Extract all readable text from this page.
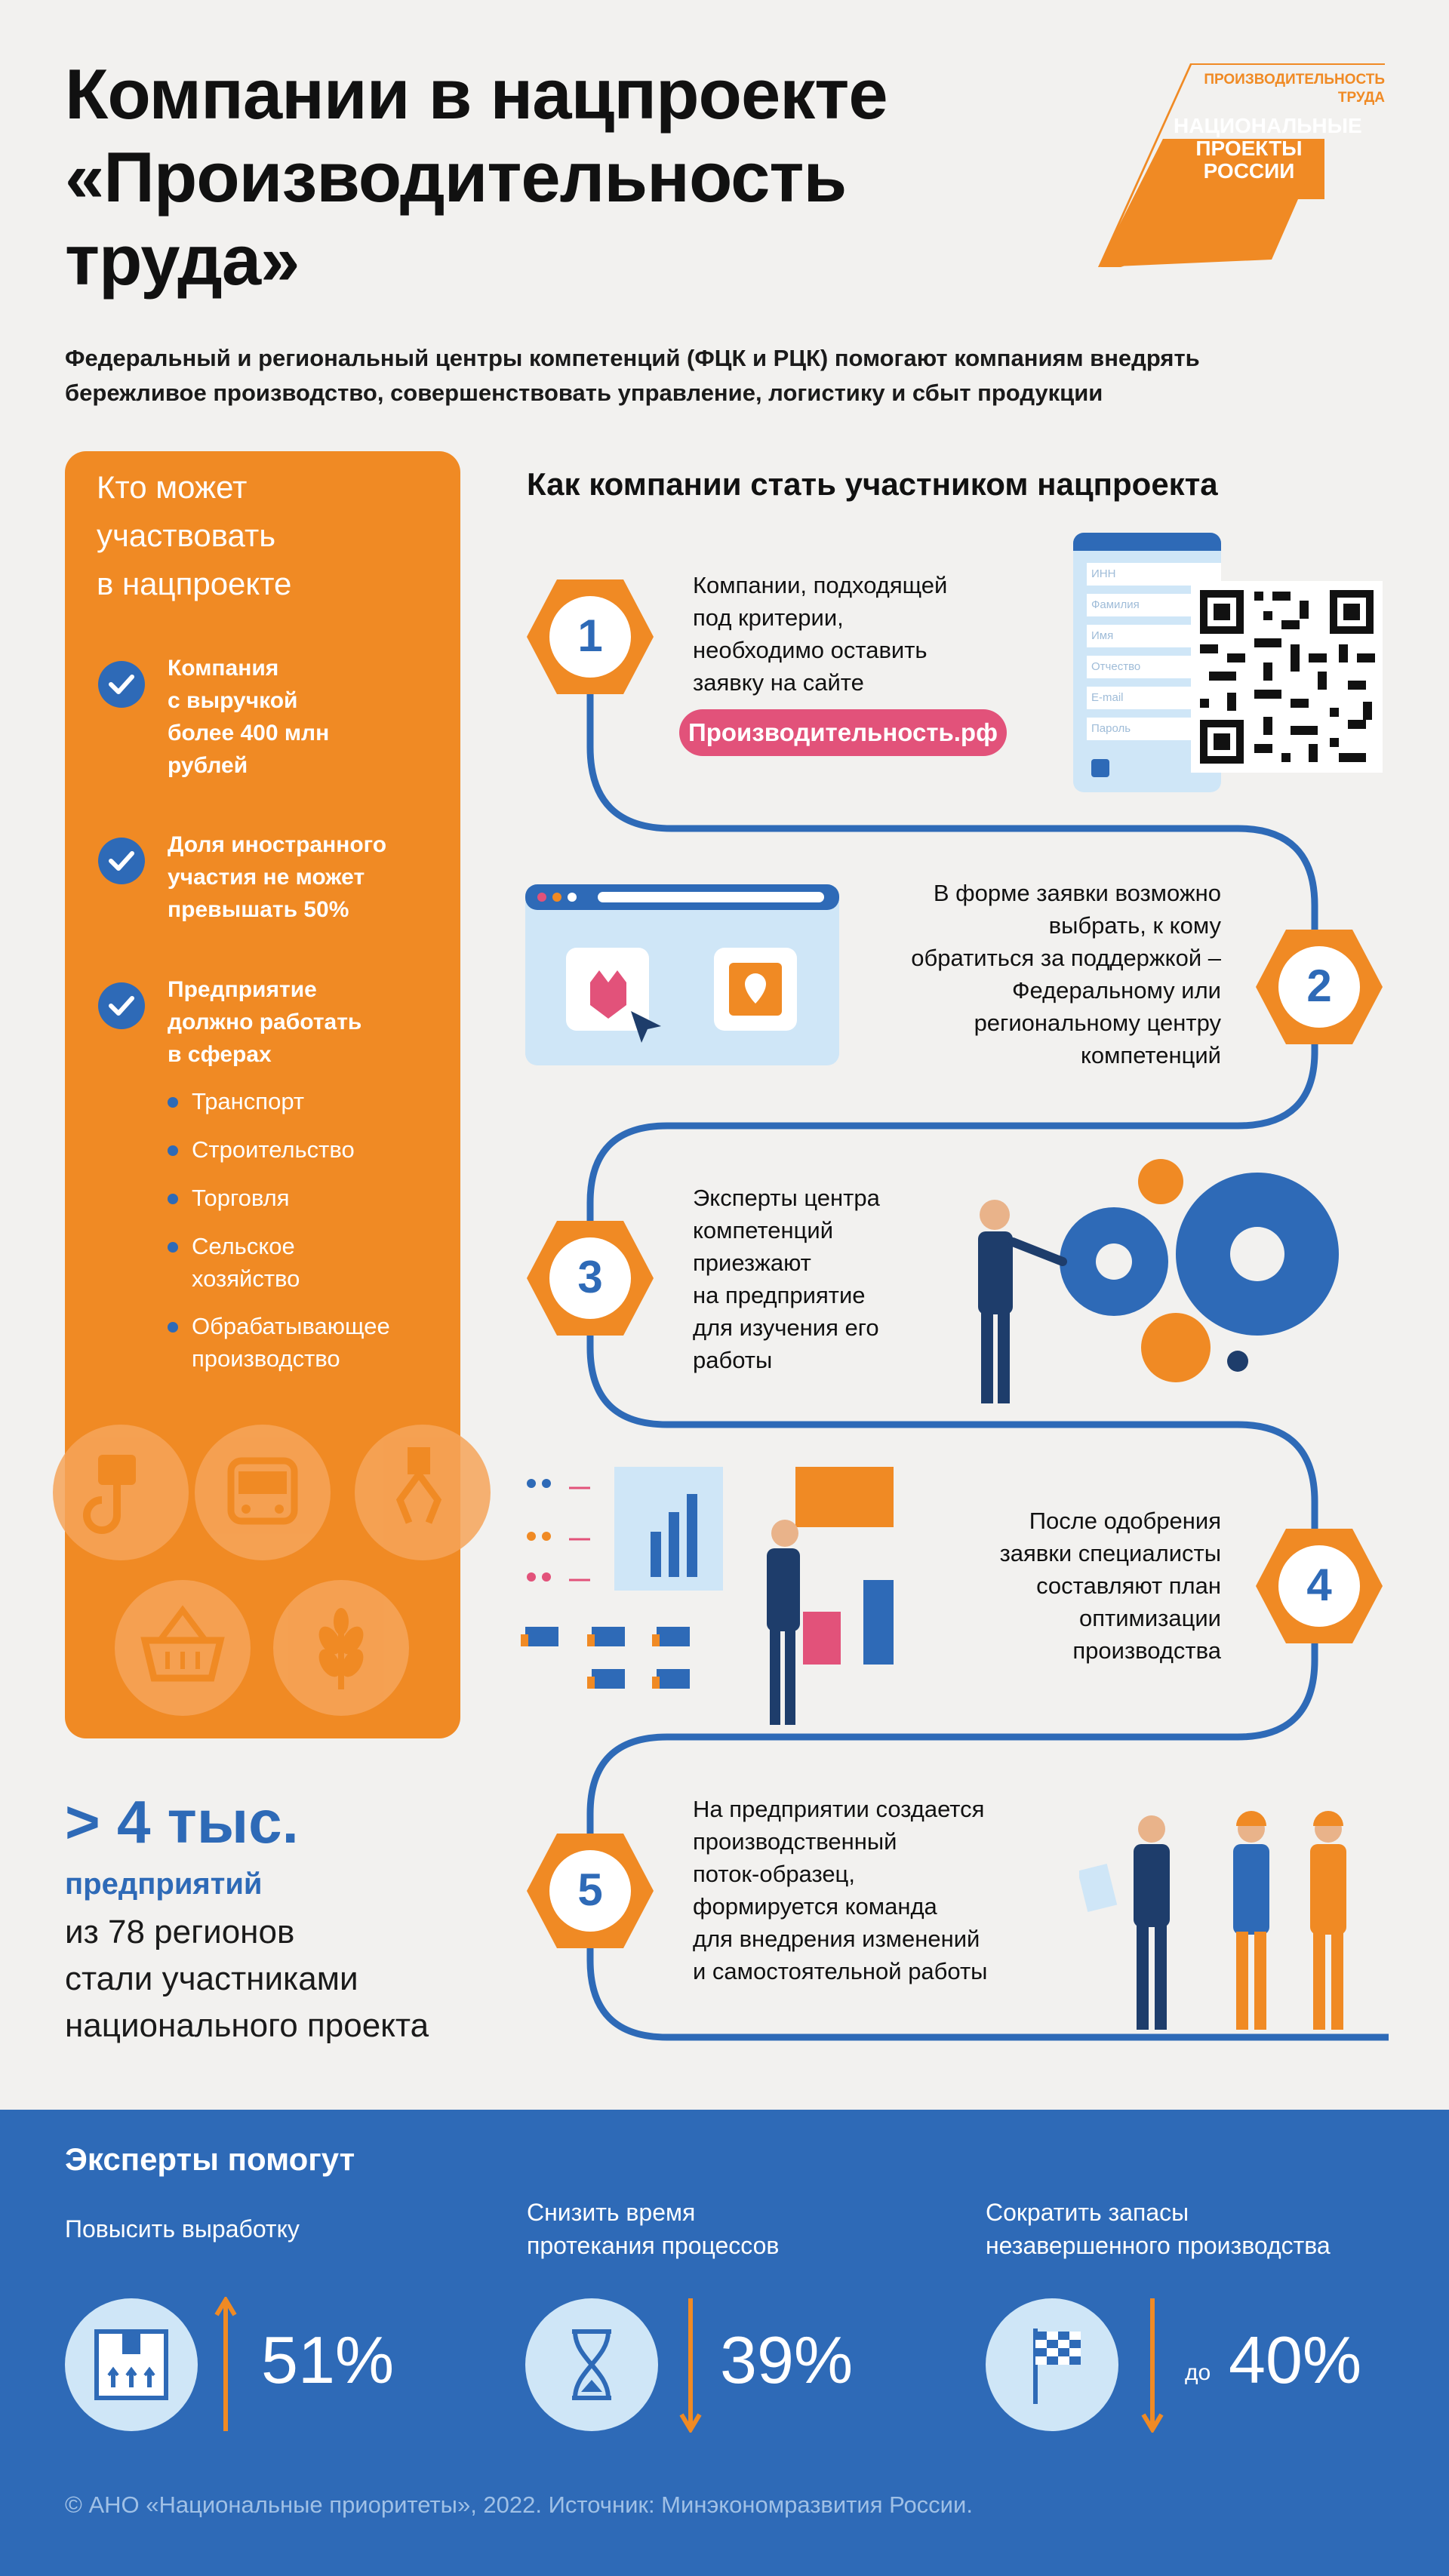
Компании в нацпроекте
«Производительность
труда»
ПРОИЗВОДИТЕЛЬНОСТЬ
ТРУДА
НАЦИОНАЛЬНЫЕ
ПРОЕКТЫ
РОССИИ
Федеральный и региональный центры компетенций (ФЦК и РЦК) помогают компаниям внедрять
бережливое производство, совершенствовать управление, логистику и сбыт продукции
Кто может
участвовать
в нацпроекте
Компания
с выручкой
более 400 млн
рублей
Доля иностранного
участия не может
превышать 50%
Предприятие
должно работать
в сферах
Транспорт
Строительство
Торговля
Сельское
хозяйство
Обрабатывающее
производство
> 4 тыс.
предприятий
из 78 регионов
стали участниками
национального проекта
Как компании стать участником нацпроекта
1
2
3
4
5
Компании, подходящей
под критерии,
необходимо оставить
заявку на сайте
Производительность.рф
ИНН
Фамилия
Имя
Отчество
E-mail
Пароль
В форме заявки возможно
выбрать, к кому
обратиться за поддержкой –
Федеральному или
региональному центру
компетенций
Эксперты центра
компетенций
приезжают
на предприятие
для изучения его
работы
После одобрения
заявки специалисты
составляют план
оптимизации
производства
На предприятии создается
производственный
поток-образец,
формируется команда
для внедрения изменений
и самостоятельной работы
Эксперты помогут
Повысить выработку
51%
Снизить время
протекания процессов
39%
Сократить запасы
незавершенного производства
до 40%
© АНО «Национальные приоритеты», 2022. Источник: Минэкономразвития России.
